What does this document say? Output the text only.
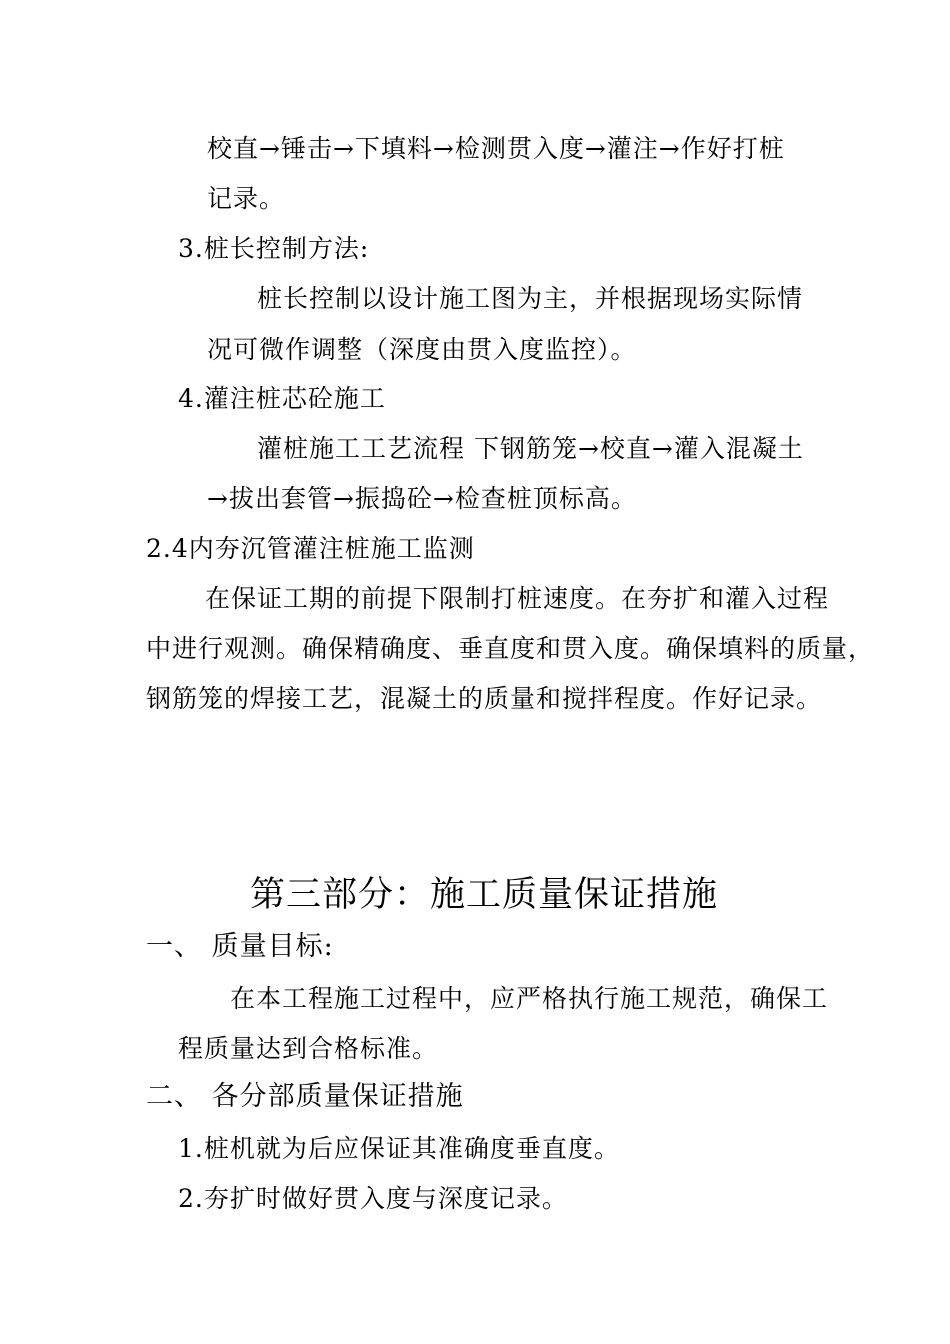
校直→锤击→下填料→检测贯入度→灌注→作好打桩
记录。
3.桩长控制方法:
桩长控制以设计施工图为主，并根据现场实际情
况可微作调整（深度由贯入度监控）。
4.灌注桩芯砼施工
灌桩施工工艺流程 下钢筋笼→校直→灌入混凝土
→拔出套管→振捣砼→检查桩顶标高。
2.4内夯沉管灌注桩施工监测
在保证工期的前提下限制打桩速度。在夯扩和灌入过程
中进行观测。确保精确度、垂直度和贯入度。确保填料的质量，
钢筋笼的焊接工艺，混凝土的质量和搅拌程度。作好记录。
第三部分：施工质量保证措施
一、 质量目标:
在本工程施工过程中，应严格执行施工规范，确保工
程质量达到合格标准。
二、 各分部质量保证措施
1.桩机就为后应保证其准确度垂直度。
2.夯扩时做好贯入度与深度记录。
